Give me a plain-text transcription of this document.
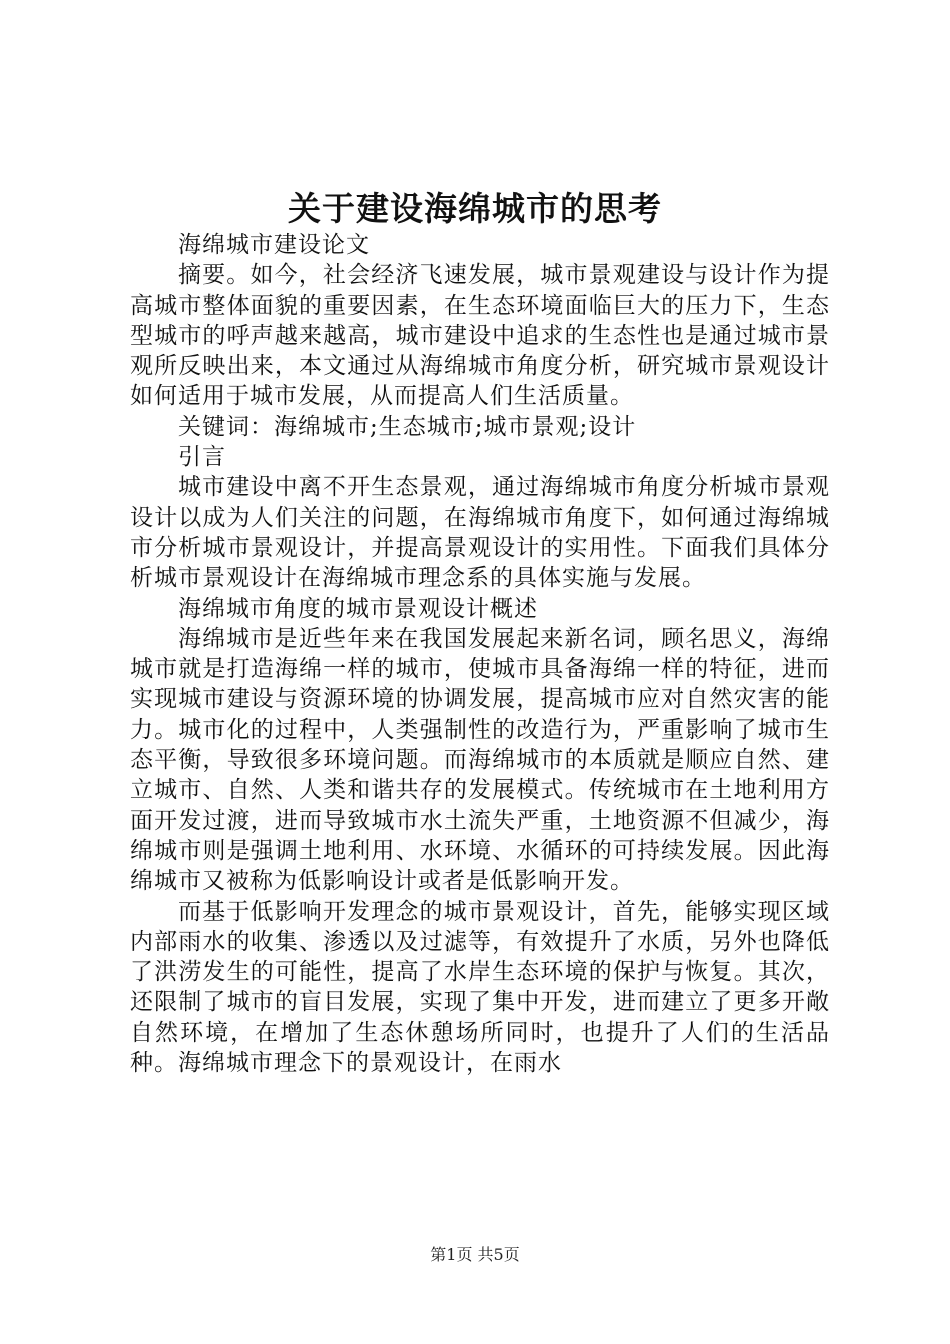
关于建设海绵城市的思考

海绵城市建设论文

摘要。如今，社会经济飞速发展，城市景观建设与设计作为提高城市整体面貌的重要因素，在生态环境面临巨大的压力下，生态型城市的呼声越来越高，城市建设中追求的生态性也是通过城市景观所反映出来，本文通过从海绵城市角度分析，研究城市景观设计如何适用于城市发展，从而提高人们生活质量。

关键词：海绵城市;生态城市;城市景观;设计

引言

城市建设中离不开生态景观，通过海绵城市角度分析城市景观设计以成为人们关注的问题，在海绵城市角度下，如何通过海绵城市分析城市景观设计，并提高景观设计的实用性。下面我们具体分析城市景观设计在海绵城市理念系的具体实施与发展。

海绵城市角度的城市景观设计概述

海绵城市是近些年来在我国发展起来新名词，顾名思义，海绵城市就是打造海绵一样的城市，使城市具备海绵一样的特征，进而实现城市建设与资源环境的协调发展，提高城市应对自然灾害的能力。城市化的过程中，人类强制性的改造行为，严重影响了城市生态平衡，导致很多环境问题。而海绵城市的本质就是顺应自然、建立城市、自然、人类和谐共存的发展模式。传统城市在土地利用方面开发过渡，进而导致城市水土流失严重，土地资源不但减少，海绵城市则是强调土地利用、水环境、水循环的可持续发展。因此海绵城市又被称为低影响设计或者是低影响开发。

而基于低影响开发理念的城市景观设计，首先，能够实现区域内部雨水的收集、渗透以及过滤等，有效提升了水质，另外也降低了洪涝发生的可能性，提高了水岸生态环境的保护与恢复。其次，还限制了城市的盲目发展，实现了集中开发，进而建立了更多开敞自然环境，在增加了生态休憩场所同时，也提升了人们的生活品种。海绵城市理念下的景观设计，在雨水

第1页 共5页
